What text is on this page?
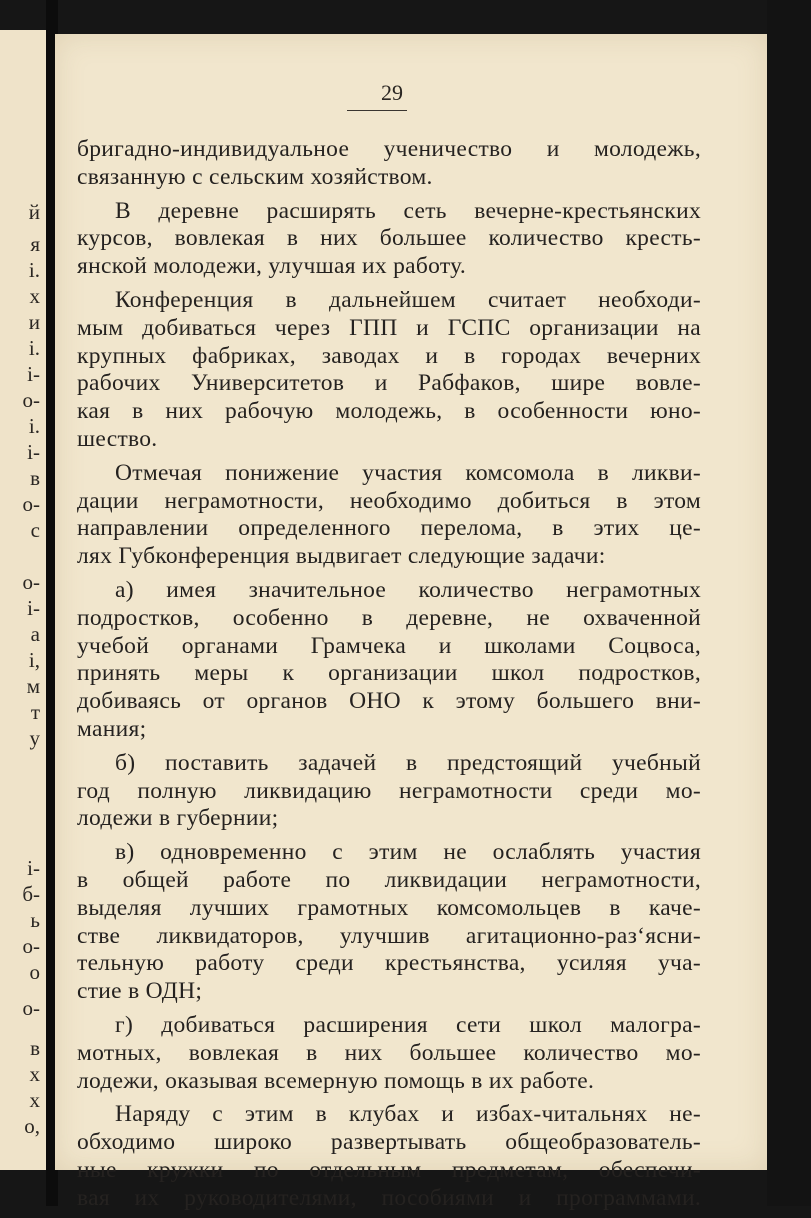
й
я
і.
х
и
і.
і-
о-
і.
і-
в
о-
с
о-
і-
а
і,
м
т
у
і-
б-
ь
о-
о
о-
в
х
х
о,
29
бригадно-индивидуальное ученичество и молодежь,
связанную с сельским хозяйством.
В деревне расширять сеть вечерне-крестьянских
курсов, вовлекая в них большее количество кресть-
янской молодежи, улучшая их работу.
Конференция в дальнейшем считает необходи-
мым добиваться через ГПП и ГСПС организации на
крупных фабриках, заводах и в городах вечерних
рабочих Университетов и Рабфаков, шире вовле-
кая в них рабочую молодежь, в особенности юно-
шество.
Отмечая понижение участия комсомола в ликви-
дации неграмотности, необходимо добиться в этом
направлении определенного перелома, в этих це-
лях Губконференция выдвигает следующие задачи:
а) имея значительное количество неграмотных
подростков, особенно в деревне, не охваченной
учебой органами Грамчека и школами Соцвоса,
принять меры к организации школ подростков,
добиваясь от органов ОНО к этому большего вни-
мания;
б) поставить задачей в предстоящий учебный
год полную ликвидацию неграмотности среди мо-
лодежи в губернии;
в) одновременно с этим не ослаблять участия
в общей работе по ликвидации неграмотности,
выделяя лучших грамотных комсомольцев в каче-
стве ликвидаторов, улучшив агитационно-раз‘ясни-
тельную работу среди крестьянства, усиляя уча-
стие в ОДН;
г) добиваться расширения сети школ малогра-
мотных, вовлекая в них большее количество мо-
лодежи, оказывая всемерную помощь в их работе.
Наряду с этим в клубах и избах-читальнях не-
обходимо широко развертывать общеобразователь-
ные кружки по отдельным предметам, обеспечи-
вая их руководителями, пособиями и программами.
